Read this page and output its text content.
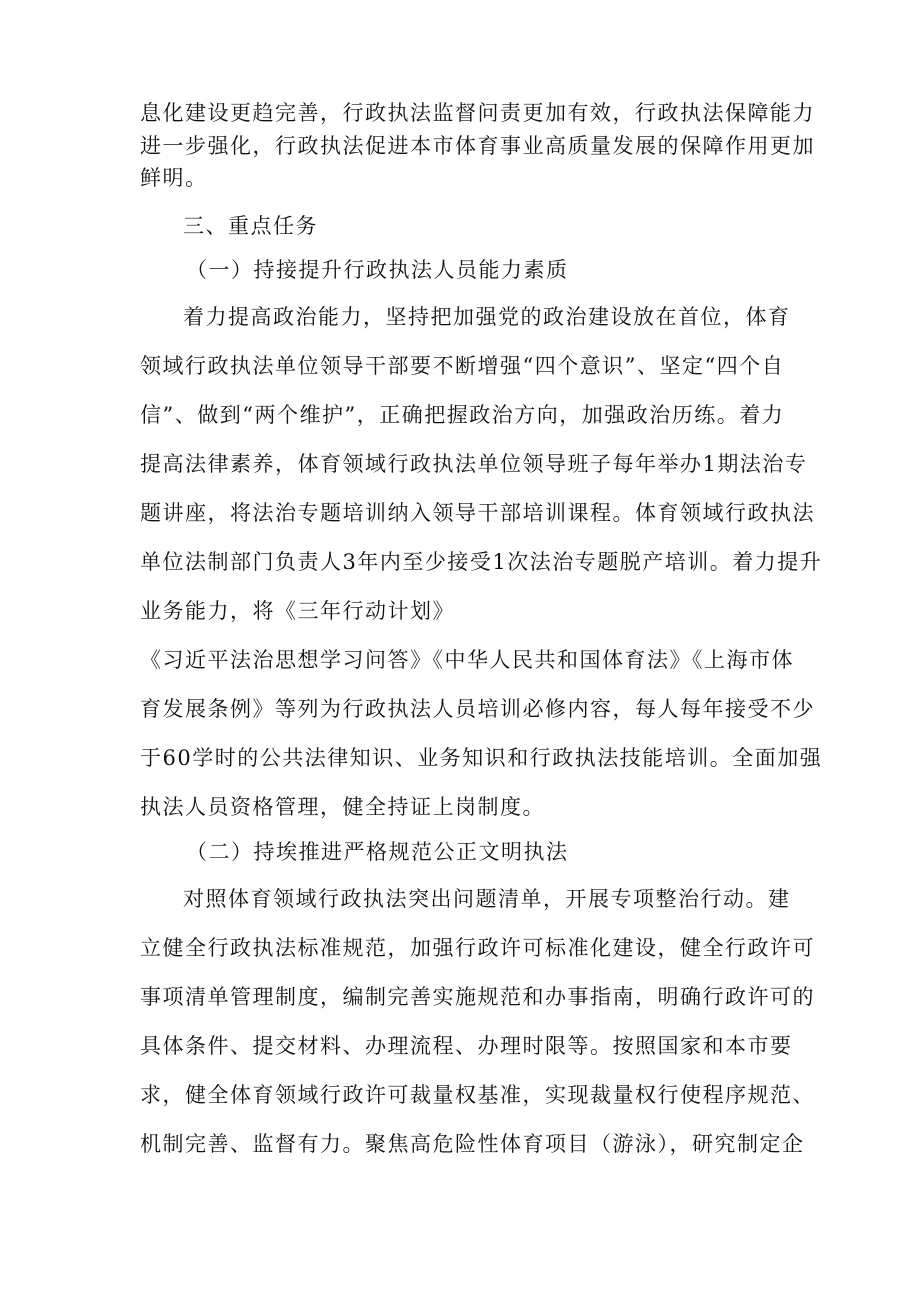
息化建设更趋完善，行政执法监督问责更加有效，行政执法保障能力
进一步强化，行政执法促进本市体育事业高质量发展的保障作用更加
鲜明。
三、重点任务
（一）持接提升行政执法人员能力素质
着力提高政治能力，坚持把加强党的政治建设放在首位，体育
领域行政执法单位领导干部要不断增强“四个意识”、坚定“四个自
信”、做到“两个维护”，正确把握政治方向，加强政治历练。着力
提高法律素养，体育领域行政执法单位领导班子每年举办1期法治专
题讲座，将法治专题培训纳入领导干部培训课程。体育领域行政执法
单位法制部门负责人3年内至少接受1次法治专题脱产培训。着力提升
业务能力，将《三年行动计划》
《习近平法治思想学习问答》《中华人民共和国体育法》《上海市体
育发展条例》等列为行政执法人员培训必修内容，每人每年接受不少
于60学时的公共法律知识、业务知识和行政执法技能培训。全面加强
执法人员资格管理，健全持证上岗制度。
（二）持埃推进严格规范公正文明执法
对照体育领域行政执法突出问题清单，开展专项整治行动。建
立健全行政执法标准规范，加强行政许可标准化建设，健全行政许可
事项清单管理制度，编制完善实施规范和办事指南，明确行政许可的
具体条件、提交材料、办理流程、办理时限等。按照国家和本市要
求，健全体育领域行政许可裁量权基准，实现裁量权行使程序规范、
机制完善、监督有力。聚焦高危险性体育项目（游泳），研究制定企
